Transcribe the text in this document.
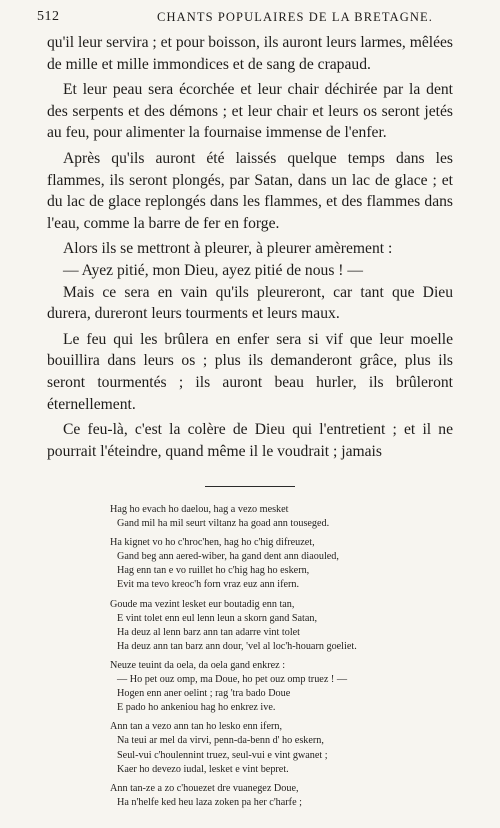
512	CHANTS POPULAIRES DE LA BRETAGNE.

qu'il leur servira ; et pour boisson, ils auront leurs larmes, mêlées de mille et mille immondices et de sang de crapaud.

Et leur peau sera écorchée et leur chair déchirée par la dent des serpents et des démons ; et leur chair et leurs os seront jetés au feu, pour alimenter la fournaise immense de l'enfer.

Après qu'ils auront été laissés quelque temps dans les flammes, ils seront plongés, par Satan, dans un lac de glace ; et du lac de glace replongés dans les flammes, et des flammes dans l'eau, comme la barre de fer en forge.

Alors ils se mettront à pleurer, à pleurer amèrement :

— Ayez pitié, mon Dieu, ayez pitié de nous ! —

Mais ce sera en vain qu'ils pleureront, car tant que Dieu durera, dureront leurs tourments et leurs maux.

Le feu qui les brûlera en enfer sera si vif que leur moelle bouillira dans leurs os ; plus ils demanderont grâce, plus ils seront tourmentés ; ils auront beau hurler, ils brûleront éternellement.

Ce feu-là, c'est la colère de Dieu qui l'entretient ; et il ne pourrait l'éteindre, quand même il le voudrait ; jamais

Hag ho evach ho daelou, hag a vezo mesket
Gand mil ha mil seurt viltanz ha goad ann touseged.
Ha kignet vo ho c'hroc'hen, hag ho c'hig difreuzet,
Gand beg ann aered-wiber, ha gand dent ann diaouled,
Hag enn tan e vo ruillet ho c'hig hag ho eskern,
Evit ma tevo kreoc'h forn vraz euz ann ifern.
Goude ma vezint lesket eur boutadig enn tan,
E vint tolet enn eul lenn leun a skorn gand Satan,
Ha deuz al lenn barz ann tan adarre vint tolet
Ha deuz ann tan barz ann dour, 'vel al loc'h-houarn goeliet.
Neuze teuint da oela, da oela gand enkrez :
— Ho pet ouz omp, ma Doue, ho pet ouz omp truez ! —
Hogen enn aner oelint ; rag 'tra bado Doue
E pado ho ankeniou hag ho enkrez ive.
Ann tan a vezo ann tan ho lesko enn ifern,
Na teui ar mel da virvi, penn-da-benn d' ho eskern,
Seul-vui c'houlennint truez, seul-vui e vint gwanet ;
Kaer ho devezo iudal, lesket e vint bepret.
Ann tan-ze a zo c'houezet dre vuanegez Doue,
Ha n'helfe ked heu laza zoken pa her c'harfe ;
